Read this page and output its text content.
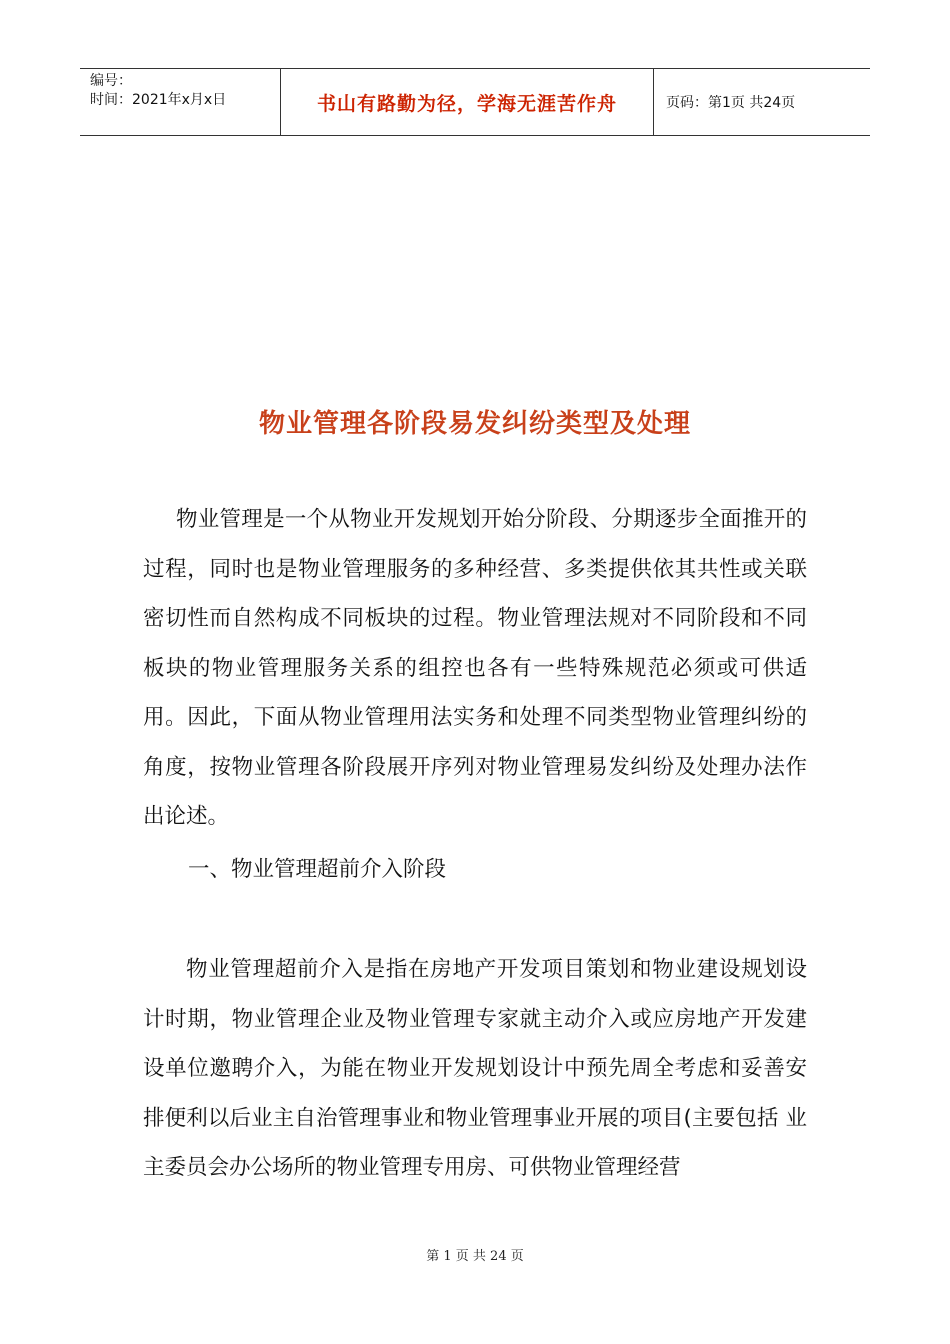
编号：
时间：2021年x月x日	书山有路勤为径，学海无涯苦作舟	页码：第1页 共24页
物业管理各阶段易发纠纷类型及处理

物业管理是一个从物业开发规划开始分阶段、分期逐步全面推开的过程，同时也是物业管理服务的多种经营、多类提供依其共性或关联密切性而自然构成不同板块的过程。物业管理法规对不同阶段和不同板块的物业管理服务关系的组控也各有一些特殊规范必须或可供适用。因此，下面从物业管理用法实务和处理不同类型物业管理纠纷的角度，按物业管理各阶段展开序列对物业管理易发纠纷及处理办法作出论述。

一、物业管理超前介入阶段

物业管理超前介入是指在房地产开发项目策划和物业建设规划设计时期，物业管理企业及物业管理专家就主动介入或应房地产开发建设单位邀聘介入，为能在物业开发规划设计中预先周全考虑和妥善安排便利以后业主自治管理事业和物业管理事业开展的项目(主要包括 业主委员会办公场所的物业管理专用房、可供物业管理经营

第 1 页 共 24 页
